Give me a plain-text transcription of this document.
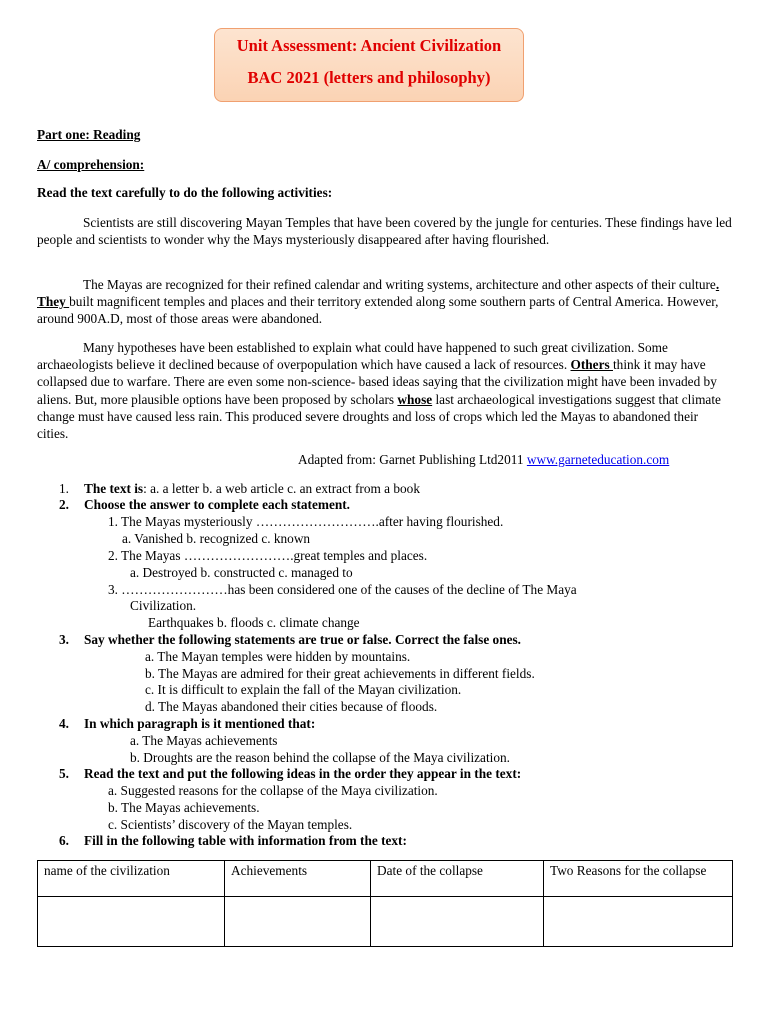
Unit Assessment: Ancient Civilization
BAC 2021 (letters and philosophy)
Part one: Reading
A/ comprehension:
Read the text carefully to do the following activities:

Scientists are still discovering Mayan Temples that have been covered by the jungle for centuries. These findings have led people and scientists to wonder why the Mays mysteriously disappeared after having flourished.

The Mayas are recognized for their refined calendar and writing systems, architecture and other aspects of their culture. They built magnificent temples and places and their territory extended along some southern parts of Central America. However, around 900A.D, most of those areas were abandoned.

Many hypotheses have been established to explain what could have happened to such great civilization. Some archaeologists believe it declined because of overpopulation which have caused a lack of resources. Others think it may have collapsed due to warfare. There are even some non-science- based ideas saying that the civilization might have been invaded by aliens. But, more plausible options have been proposed by scholars whose last archaeological investigations suggest that climate change must have caused less rain. This produced severe droughts and loss of crops which led the Mayas to abandoned their cities.

Adapted from: Garnet Publishing Ltd2011 www.garneteducation.com
1. The text is: a. a letter b. a web article c. an extract from a book
2. Choose the answer to complete each statement.
1. The Mayas mysteriously ……………………….after having flourished.
a. Vanished b. recognized c. known
2. The Mayas …………………….great temples and places.
a. Destroyed b. constructed c. managed to
3. ……………………has been considered one of the causes of the decline of The Maya
Civilization.
Earthquakes b. floods c. climate change
3. Say whether the following statements are true or false. Correct the false ones.
a. The Mayan temples were hidden by mountains.
b. The Mayas are admired for their great achievements in different fields.
c. It is difficult to explain the fall of the Mayan civilization.
d. The Mayas abandoned their cities because of floods.
4. In which paragraph is it mentioned that:
a. The Mayas achievements
b. Droughts are the reason behind the collapse of the Maya civilization.
5. Read the text and put the following ideas in the order they appear in the text:
a. Suggested reasons for the collapse of the Maya civilization.
b. The Mayas achievements.
c. Scientists’ discovery of the Mayan temples.
6. Fill in the following table with information from the text:
name of the civilization	Achievements	Date of the collapse	Two Reasons for the collapse
